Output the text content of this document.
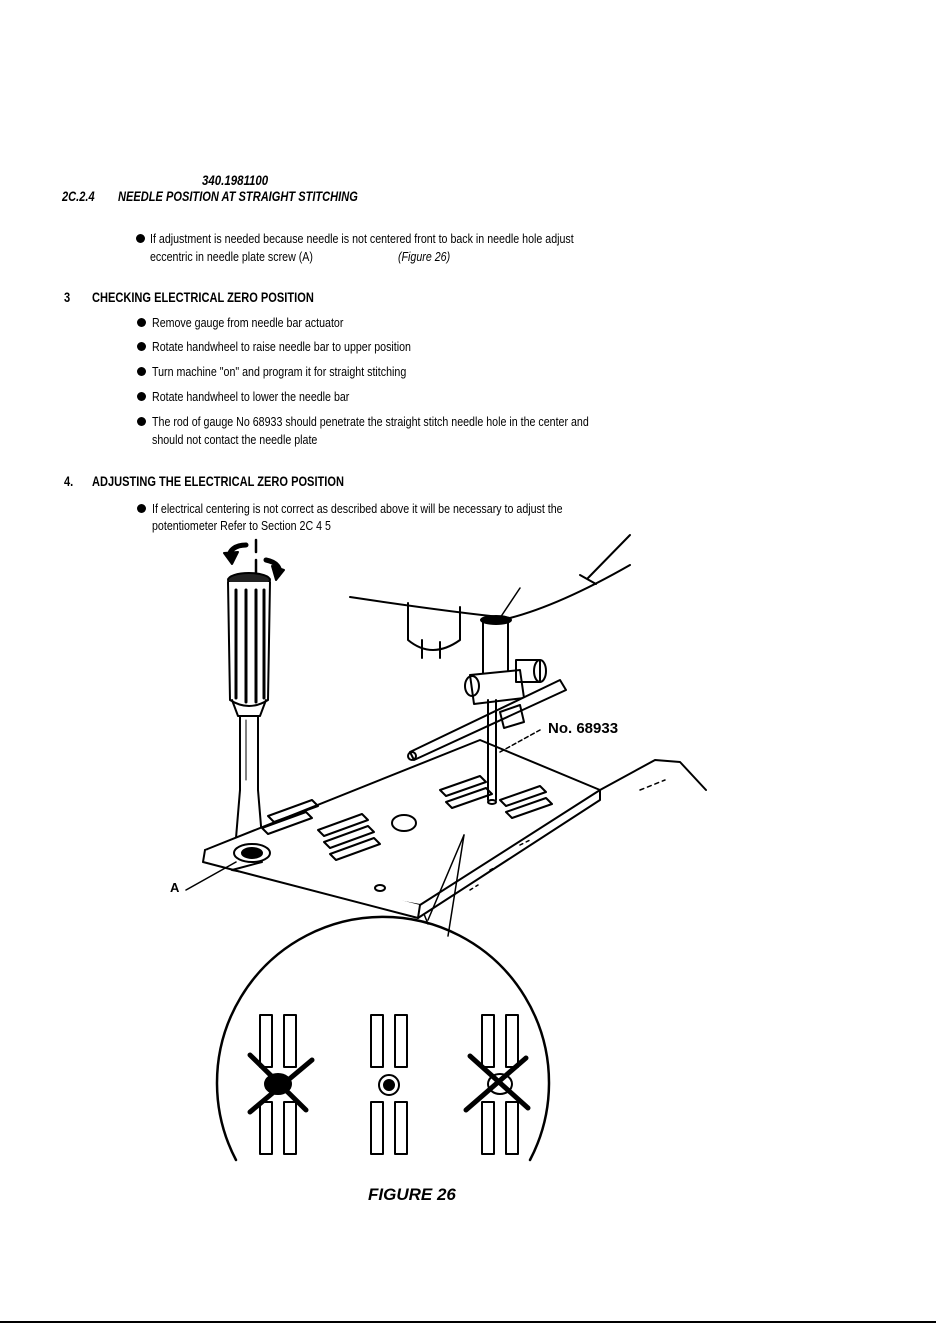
340.1981100
2C.2.4 NEEDLE POSITION AT STRAIGHT STITCHING
If adjustment is needed because needle is not centered front to back in needle hole adjust
eccentric in needle plate screw (A)	(Figure 26)
3 CHECKING ELECTRICAL ZERO POSITION
Remove gauge from needle bar actuator
Rotate handwheel to raise needle bar to upper position
Turn machine "on" and program it for straight stitching
Rotate handwheel to lower the needle bar
The rod of gauge No 68933 should penetrate the straight stitch needle hole in the center and
should not contact the needle plate
4. ADJUSTING THE ELECTRICAL ZERO POSITION
If electrical centering is not correct as described above it will be necessary to adjust the
potentiometer Refer to Section 2C 4 5
No. 68933
A
FIGURE 26
